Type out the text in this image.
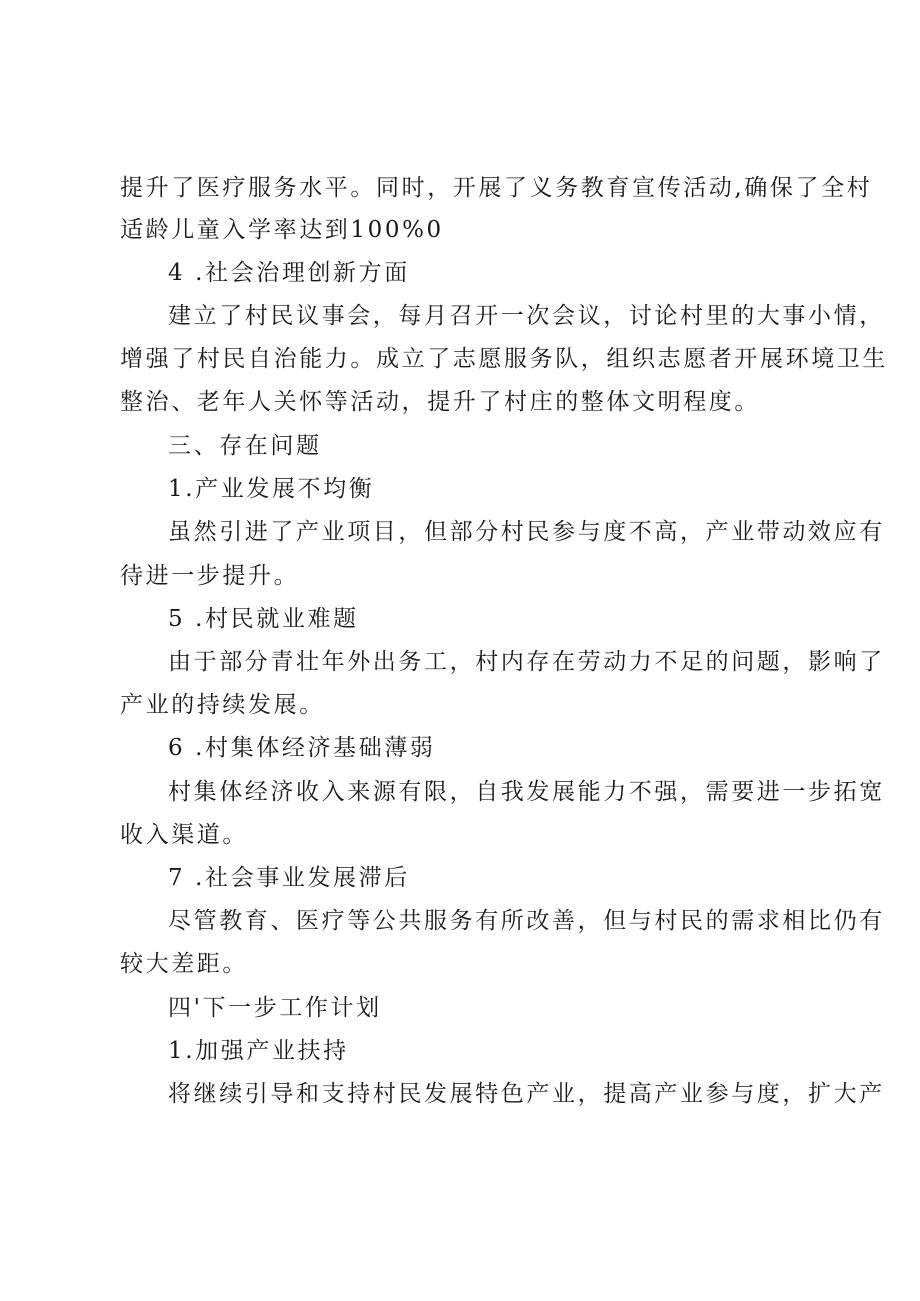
提升了医疗服务水平。同时，开展了义务教育宣传活动,确保了全村
适龄儿童入学率达到100%0
4 .社会治理创新方面
建立了村民议事会，每月召开一次会议，讨论村里的大事小情，
增强了村民自治能力。成立了志愿服务队，组织志愿者开展环境卫生
整治、老年人关怀等活动，提升了村庄的整体文明程度。
三、存在问题
1.产业发展不均衡
虽然引进了产业项目，但部分村民参与度不高，产业带动效应有
待进一步提升。
5 .村民就业难题
由于部分青壮年外出务工，村内存在劳动力不足的问题，影响了
产业的持续发展。
6 .村集体经济基础薄弱
村集体经济收入来源有限，自我发展能力不强，需要进一步拓宽
收入渠道。
7 .社会事业发展滞后
尽管教育、医疗等公共服务有所改善，但与村民的需求相比仍有
较大差距。
四'下一步工作计划
1.加强产业扶持
将继续引导和支持村民发展特色产业，提高产业参与度，扩大产
